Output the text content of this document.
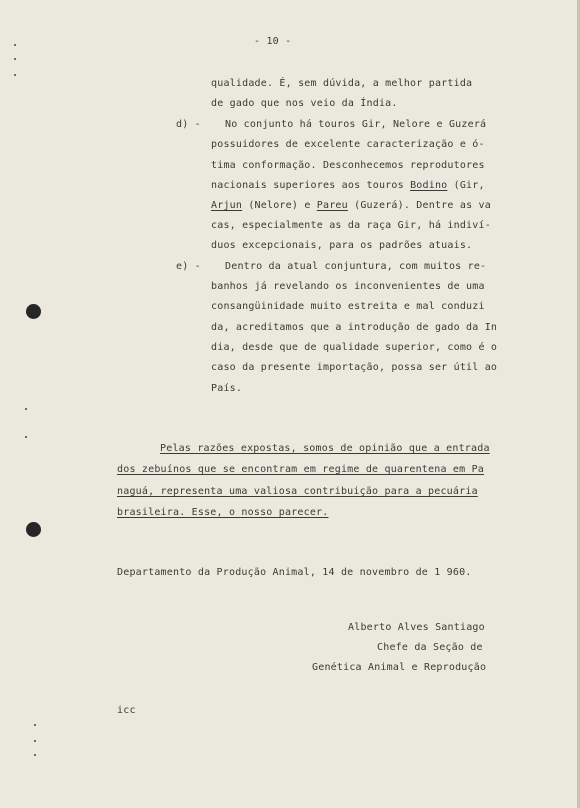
- 10 -
qualidade. É, sem dúvida, a melhor partida
de gado que nos veio da Índia.
d) - No conjunto há touros Gir, Nelore e Guzerá
possuidores de excelente caracterização e ó-
tima conformação. Desconhecemos reprodutores
nacionais superiores aos touros Bodino (Gir,
Arjun (Nelore) e Pareu (Guzerá). Dentre as va
cas, especialmente as da raça Gir, há indiví-
duos excepcionais, para os padrões atuais.
e) - Dentro da atual conjuntura, com muitos re-
banhos já revelando os inconvenientes de uma
consangüinidade muito estreita e mal conduzi
da, acreditamos que a introdução de gado da In
dia, desde que de qualidade superior, como é o
caso da presente importação, possa ser útil ao
País.
Pelas razões expostas, somos de opinião que a entrada
dos zebuínos que se encontram em regime de quarentena em Pa
naguá, representa uma valiosa contribuição para a pecuária
brasileira. Esse, o nosso parecer.
Departamento da Produção Animal, 14 de novembro de 1 960.
Alberto Alves Santiago
Chefe da Seção de
Genética Animal e Reprodução
icc
